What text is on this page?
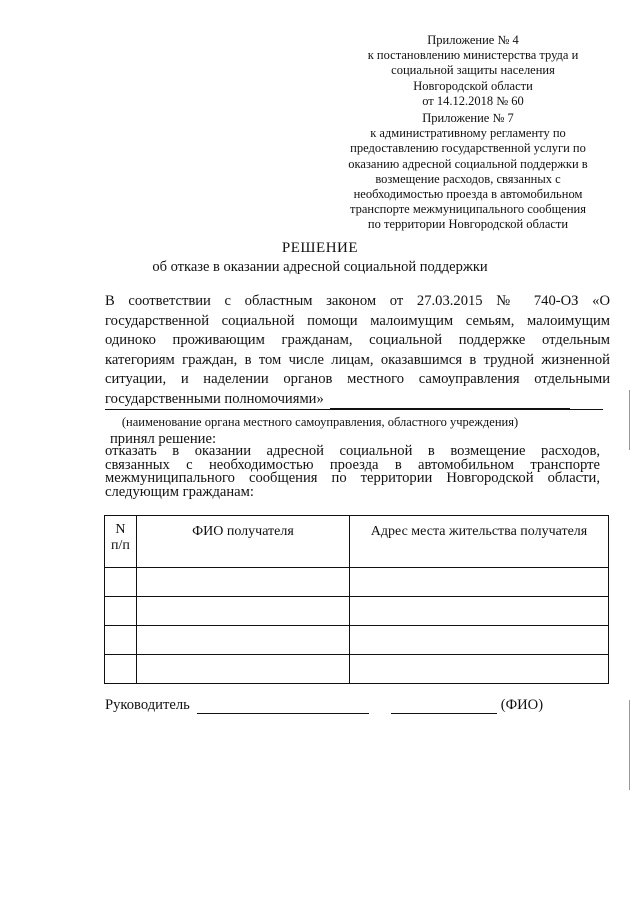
Приложение № 4
к постановлению министерства труда и
социальной защиты населения
Новгородской области
от 14.12.2018 № 60
Приложение № 7
к административному регламенту по
предоставлению государственной услуги по
оказанию адресной социальной поддержки в
возмещение расходов, связанных с
необходимостью проезда в автомобильном
транспорте межмуниципального сообщения
по территории Новгородской области
РЕШЕНИЕ
об отказе в оказании адресной социальной поддержки
В соответствии с областным законом от 27.03.2015 № 740-ОЗ «О
государственной социальной помощи малоимущим семьям, малоимущим
одиноко проживающим гражданам, социальной поддержке отдельным
категориям граждан, в том числе лицам, оказавшимся в трудной жизненной
ситуации, и наделении органов местного самоуправления отдельными
государственными полномочиями»
(наименование органа местного самоуправления, областного учреждения)
принял решение:
отказать в оказании адресной социальной в возмещение расходов,
связанных с необходимостью проезда в автомобильном транспорте
межмуниципального сообщения по территории Новгородской области,
следующим гражданам:
N
п/п	ФИО получателя	Адрес места жительства получателя

Руководитель	(ФИО)
